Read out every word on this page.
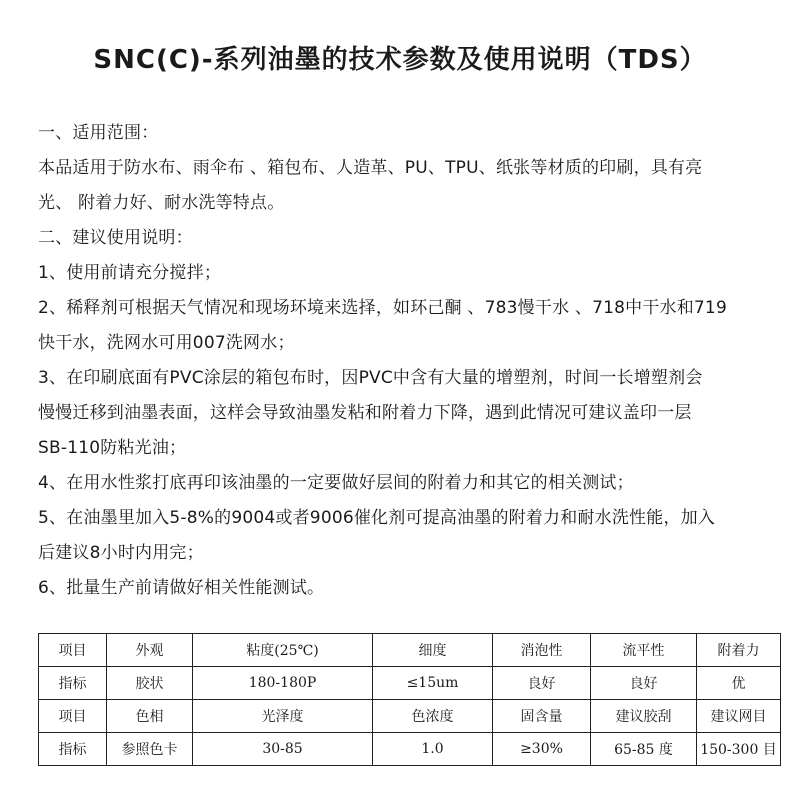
SNC(C)-系列油墨的技术参数及使用说明（TDS）
一、适用范围：
本品适用于防水布、雨伞布 、箱包布、人造革、PU、TPU、纸张等材质的印刷，具有亮
光、 附着力好、耐水洗等特点。
二、建议使用说明：
1、使用前请充分搅拌；
2、稀释剂可根据天气情况和现场环境来选择，如环己酮 、783慢干水 、718中干水和719
快干水，洗网水可用007洗网水；
3、在印刷底面有PVC涂层的箱包布时，因PVC中含有大量的增塑剂，时间一长增塑剂会
慢慢迁移到油墨表面，这样会导致油墨发粘和附着力下降，遇到此情况可建议盖印一层
SB-110防粘光油；
4、在用水性浆打底再印该油墨的一定要做好层间的附着力和其它的相关测试；
5、在油墨里加入5-8%的9004或者9006催化剂可提高油墨的附着力和耐水洗性能，加入
后建议8小时内用完；
6、批量生产前请做好相关性能测试。
项目	外观	粘度(25℃)	细度	消泡性	流平性	附着力
指标	胶状	180-180P	≤15um	良好	良好	优
项目	色相	光泽度	色浓度	固含量	建议胶刮	建议网目
指标	参照色卡	30-85	1.0	≥30%	65-85 度	150-300 目
